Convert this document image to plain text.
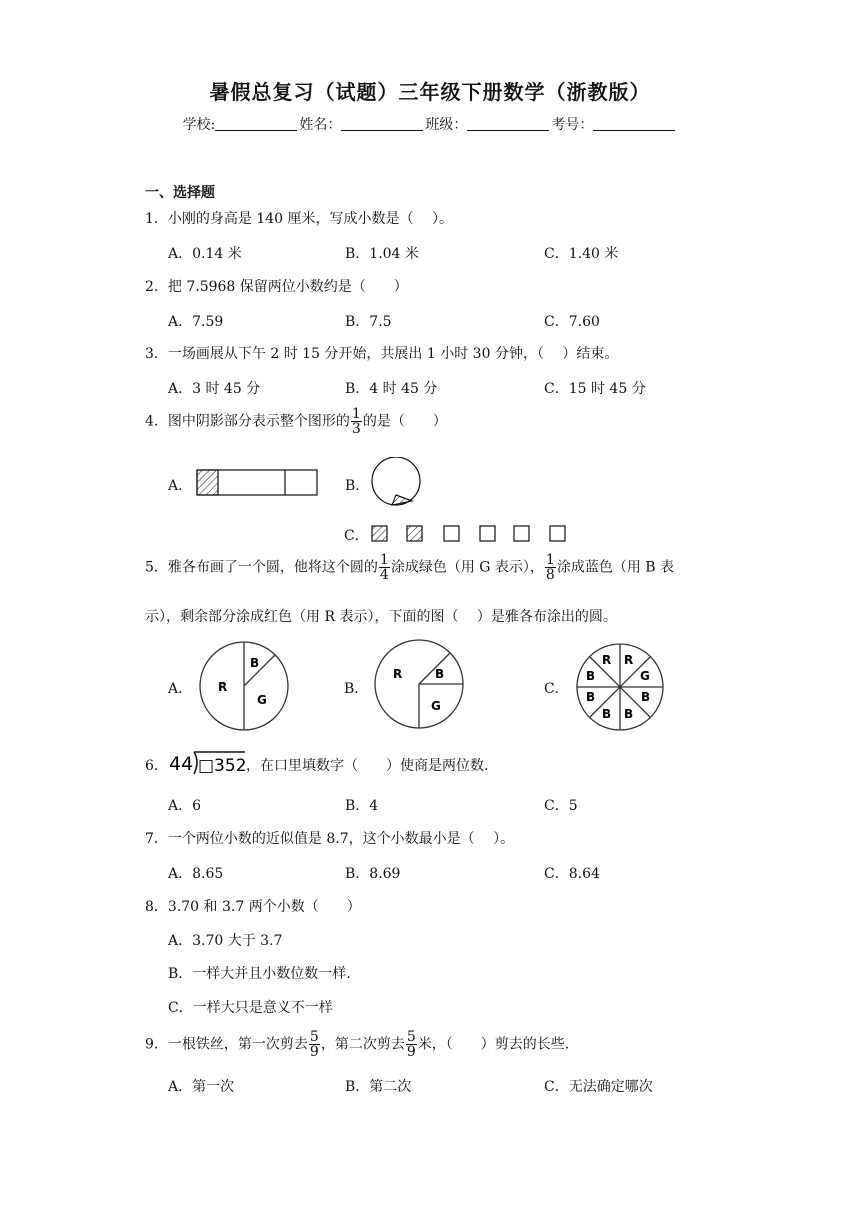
暑假总复习（试题）三年级下册数学（浙教版）
学校:	姓名：	班级：	考号：
一、选择题
1．小刚的身高是 140 厘米，写成小数是（　 ）。
A．0.14 米	B．1.04 米	C．1.40 米
2．把 7.5968 保留两位小数约是（　　）
A．7.59	B．7.5	C．7.60
3．一场画展从下午 2 时 15 分开始，共展出 1 小时 30 分钟，（　 ）结束。
A．3 时 45 分	B．4 时 45 分	C．15 时 45 分
4．图中阴影部分表示整个图形的 $\frac{1}{3}$ 的是（　　）
A．	B．
C．
5．雅各布画了一个圆，他将这个圆的 $\frac{1}{4}$ 涂成绿色（用 G 表示）， $\frac{1}{8}$ 涂成蓝色（用 B 表
示），剩余部分涂成红色（用 R 表示），下面的图（　 ）是雅各布涂出的圆。
A．
B
R
G
B．
R	B
G
C．
R R
G
B
B
B
B
B
6． 44 □352 ，在口里填数字（　　）使商是两位数.
A．6	B．4	C．5
7．一个两位小数的近似值是 8.7，这个小数最小是（　 ）。
A．8.65	B．8.69	C．8.64
8．3.70 和 3.7 两个小数（　　）
A．3.70 大于 3.7
B．一样大并且小数位数一样.
C．一样大只是意义不一样
9．一根铁丝，第一次剪去 $\frac{5}{9}$ ，第二次剪去 $\frac{5}{9}$ 米，（　　）剪去的长些.
A．第一次	B．第二次	C．无法确定哪次
